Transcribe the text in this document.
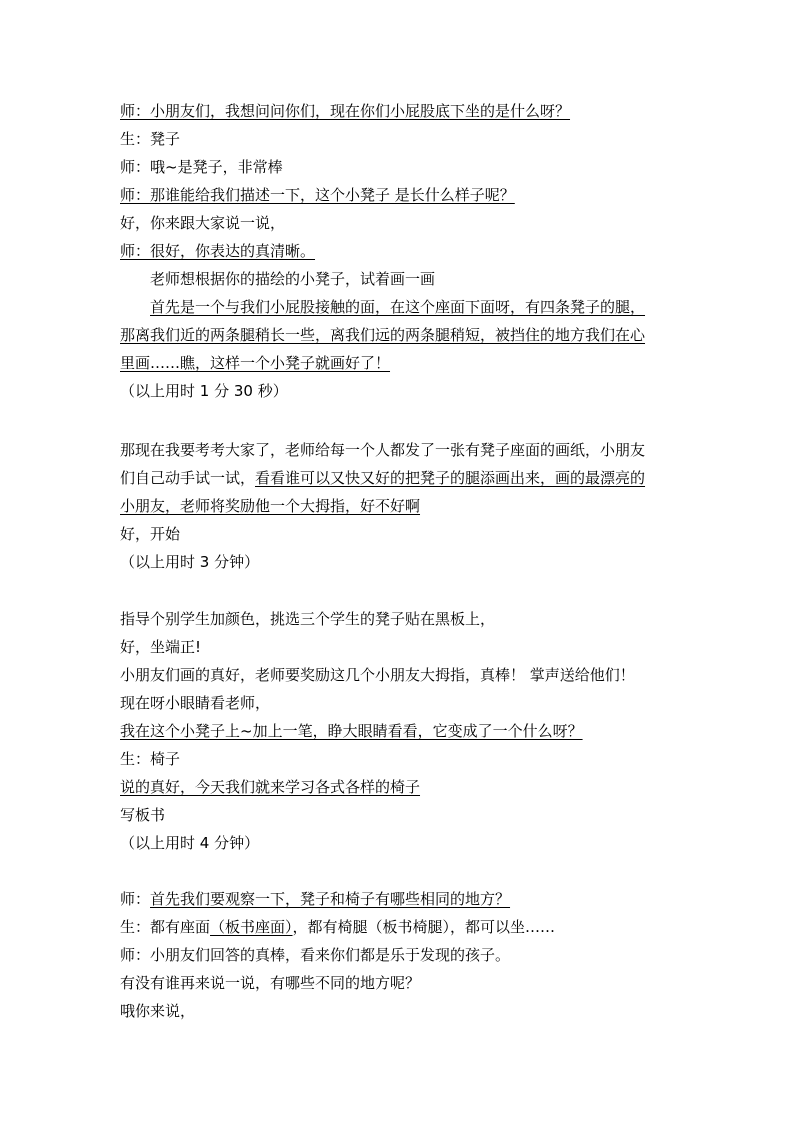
师：小朋友们，我想问问你们，现在你们小屁股底下坐的是什么呀？
生：凳子
师：哦~是凳子，非常棒
师：那谁能给我们描述一下，这个小凳子 是长什么样子呢？
好，你来跟大家说一说，
师：很好，你表达的真清晰。
老师想根据你的描绘的小凳子，试着画一画
首先是一个与我们小屁股接触的面，在这个座面下面呀，有四条凳子的腿，
那离我们近的两条腿稍长一些，离我们远的两条腿稍短，被挡住的地方我们在心
里画……瞧，这样一个小凳子就画好了！
（以上用时 1 分 30 秒）
那现在我要考考大家了，老师给每一个人都发了一张有凳子座面的画纸，小朋友
们自己动手试一试，看看谁可以又快又好的把凳子的腿添画出来，画的最漂亮的
小朋友，老师将奖励他一个大拇指，好不好啊
好，开始
（以上用时 3 分钟）
指导个别学生加颜色，挑选三个学生的凳子贴在黑板上，
好，坐端正!
小朋友们画的真好，老师要奖励这几个小朋友大拇指，真棒！ 掌声送给他们！
现在呀小眼睛看老师，
我在这个小凳子上~加上一笔，睁大眼睛看看，它变成了一个什么呀？
生：椅子
说的真好，今天我们就来学习各式各样的椅子
写板书
（以上用时 4 分钟）
师：首先我们要观察一下，凳子和椅子有哪些相同的地方？
生：都有座面（板书座面），都有椅腿（板书椅腿），都可以坐……
师：小朋友们回答的真棒，看来你们都是乐于发现的孩子。
有没有谁再来说一说，有哪些不同的地方呢？
哦你来说，
